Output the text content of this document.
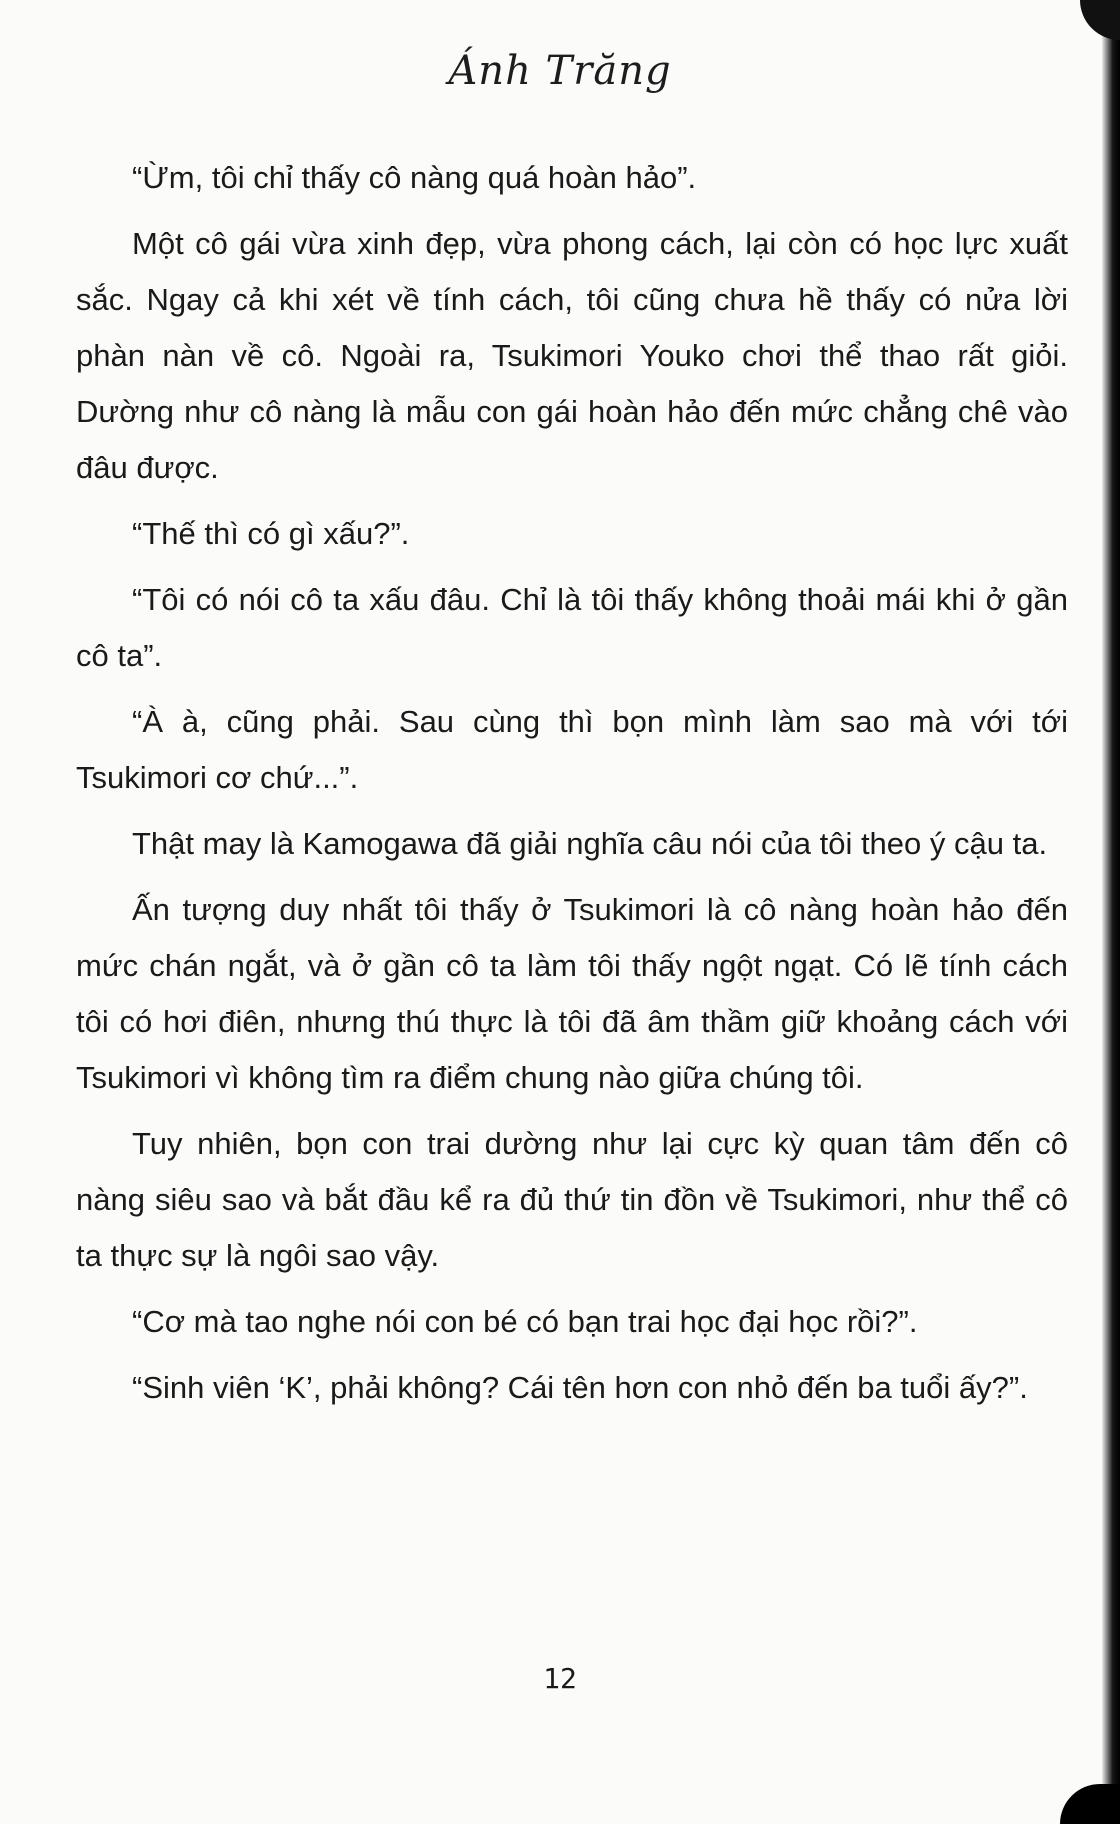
Ánh Trăng

“Ừm, tôi chỉ thấy cô nàng quá hoàn hảo”.

Một cô gái vừa xinh đẹp, vừa phong cách, lại còn có học lực xuất sắc. Ngay cả khi xét về tính cách, tôi cũng chưa hề thấy có nửa lời phàn nàn về cô. Ngoài ra, Tsukimori Youko chơi thể thao rất giỏi. Dường như cô nàng là mẫu con gái hoàn hảo đến mức chẳng chê vào đâu được.

“Thế thì có gì xấu?”.

“Tôi có nói cô ta xấu đâu. Chỉ là tôi thấy không thoải mái khi ở gần cô ta”.

“À à, cũng phải. Sau cùng thì bọn mình làm sao mà với tới Tsukimori cơ chứ...”.

Thật may là Kamogawa đã giải nghĩa câu nói của tôi theo ý cậu ta.

Ấn tượng duy nhất tôi thấy ở Tsukimori là cô nàng hoàn hảo đến mức chán ngắt, và ở gần cô ta làm tôi thấy ngột ngạt. Có lẽ tính cách tôi có hơi điên, nhưng thú thực là tôi đã âm thầm giữ khoảng cách với Tsukimori vì không tìm ra điểm chung nào giữa chúng tôi.

Tuy nhiên, bọn con trai dường như lại cực kỳ quan tâm đến cô nàng siêu sao và bắt đầu kể ra đủ thứ tin đồn về Tsukimori, như thể cô ta thực sự là ngôi sao vậy.

“Cơ mà tao nghe nói con bé có bạn trai học đại học rồi?”.

“Sinh viên ‘K’, phải không? Cái tên hơn con nhỏ đến ba tuổi ấy?”.

12
